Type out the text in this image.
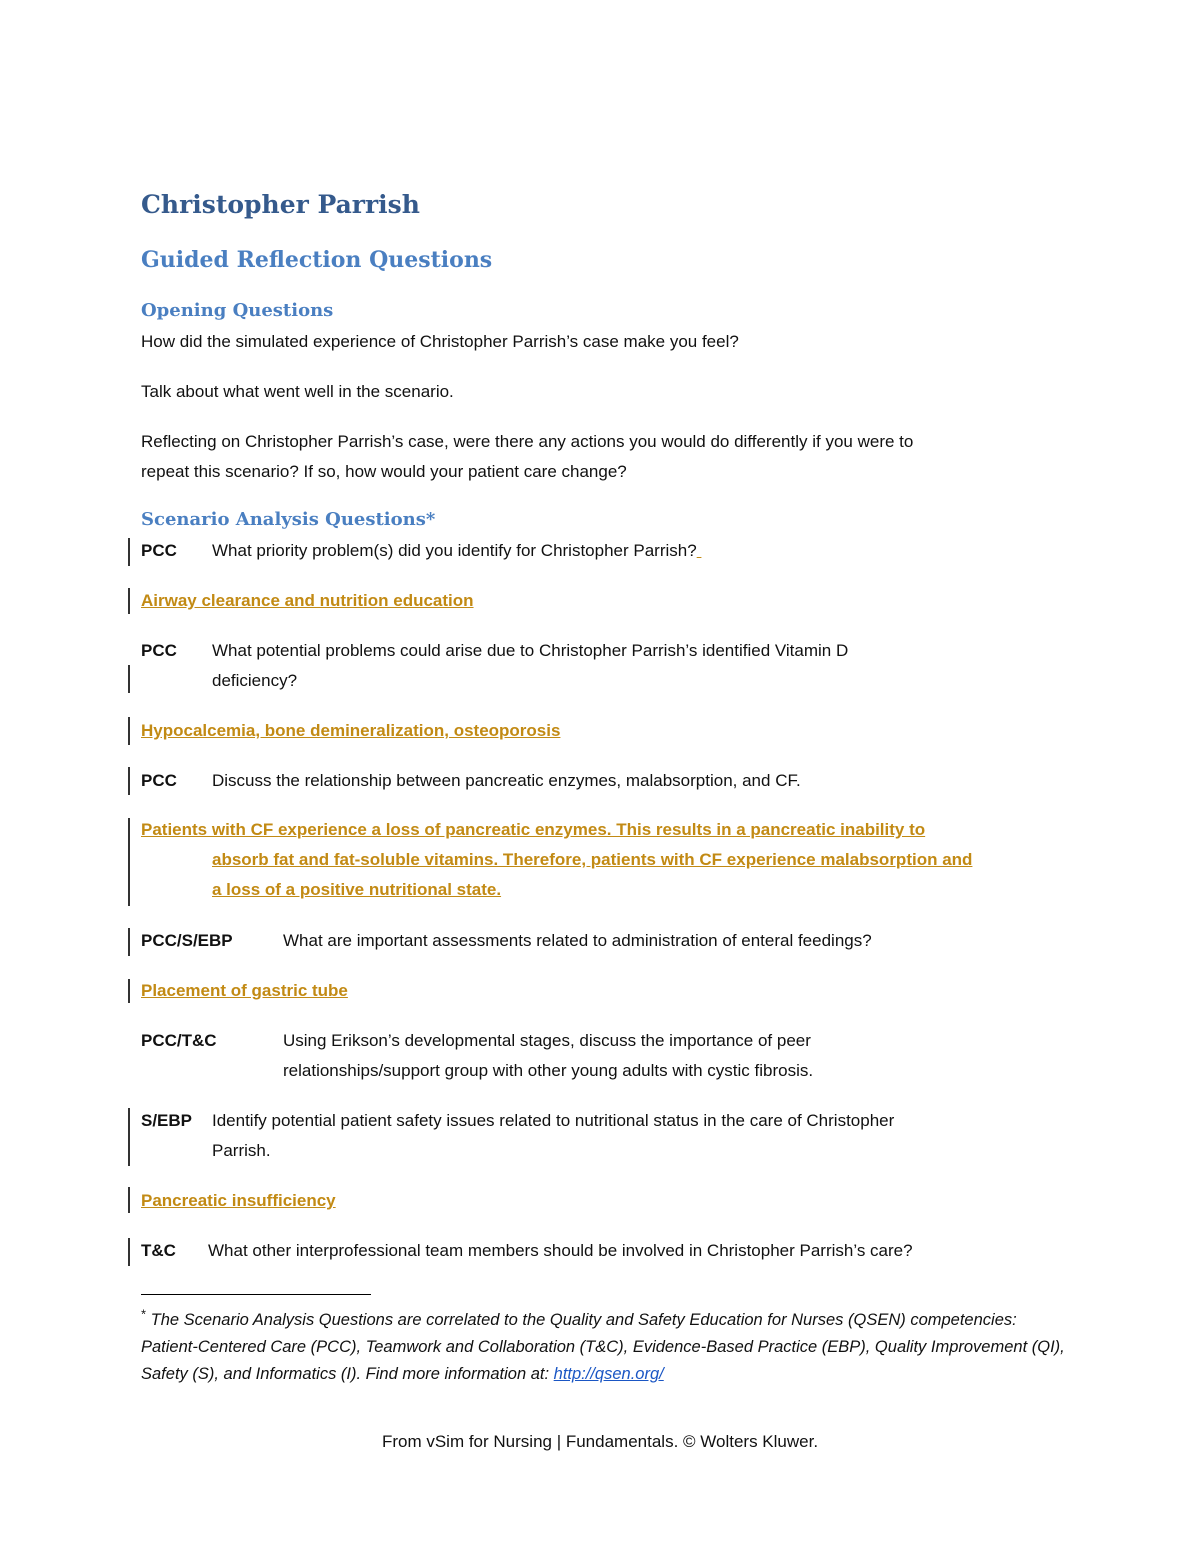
Christopher Parrish
Guided Reflection Questions
Opening Questions

How did the simulated experience of Christopher Parrish’s case make you feel?

Talk about what went well in the scenario.

Reflecting on Christopher Parrish’s case, were there any actions you would do differently if you were to
repeat this scenario? If so, how would your patient care change?

Scenario Analysis Questions*
PCC	What priority problem(s) did you identify for Christopher Parrish?

Airway clearance and nutrition education

PCC	What potential problems could arise due to Christopher Parrish’s identified Vitamin D
deficiency?

Hypocalcemia, bone demineralization, osteoporosis

PCC	Discuss the relationship between pancreatic enzymes, malabsorption, and CF.

Patients with CF experience a loss of pancreatic enzymes. This results in a pancreatic inability to
absorb fat and fat-soluble vitamins. Therefore, patients with CF experience malabsorption and
a loss of a positive nutritional state.

PCC/S/EBP	What are important assessments related to administration of enteral feedings?

Placement of gastric tube

PCC/T&C	Using Erikson’s developmental stages, discuss the importance of peer
relationships/support group with other young adults with cystic fibrosis.
S/EBP	Identify potential patient safety issues related to nutritional status in the care of Christopher
Parrish.

Pancreatic insufficiency

T&C	What other interprofessional team members should be involved in Christopher Parrish’s care?

* The Scenario Analysis Questions are correlated to the Quality and Safety Education for Nurses (QSEN) competencies: Patient-Centered Care (PCC), Teamwork and Collaboration (T&C), Evidence-Based Practice (EBP), Quality Improvement (QI), Safety (S), and Informatics (I). Find more information at: http://qsen.org/

From vSim for Nursing | Fundamentals. © Wolters Kluwer.
